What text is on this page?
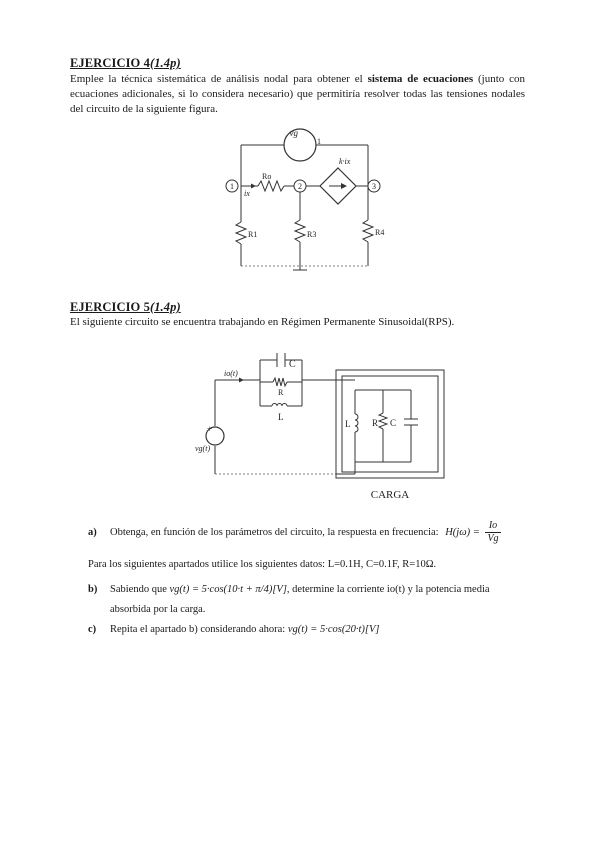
EJERCICIO 4(1.4p)
Emplee la técnica sistemática de análisis nodal para obtener el sistema de ecuaciones (junto con ecuaciones adicionales, si lo considera necesario) que permitiría resolver todas las tensiones nodales del circuito de la siguiente figura.
vg
1
1	2	3
Ro
ix
k·ix
R1	R3	R4
EJERCICIO 5(1.4p)
El siguiente circuito se encuentra trabajando en Régimen Permanente Sinusoidal(RPS).
io(t)
C
R
L
+
vg(t)
L R C
CARGA
a) Obtenga, en función de los parámetros del circuito, la respuesta en frecuencia: $H(j\omega) = \frac{Io}{Vg}$
Para los siguientes apartados utilice los siguientes datos: L=0.1H, C=0.1F, R=10Ω.
b) Sabiendo que vg(t) = 5·cos(10·t + π/4)[V], determine la corriente io(t) y la potencia media
absorbida por la carga.
c) Repita el apartado b) considerando ahora: vg(t) = 5·cos(20·t)[V]
